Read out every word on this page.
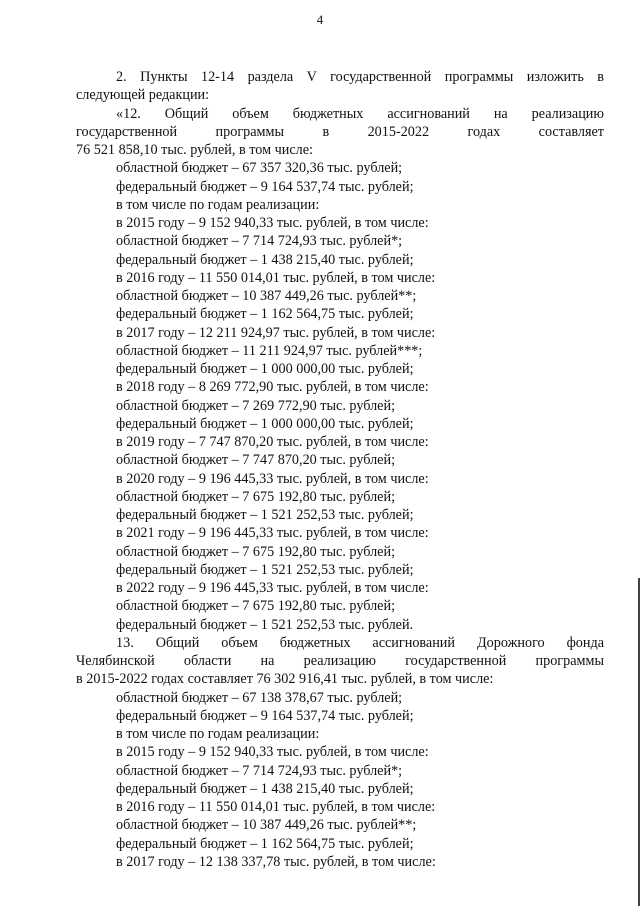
4
2. Пункты 12-14 раздела V государственной программы изложить в
следующей редакции:
«12. Общий объем бюджетных ассигнований на реализацию
государственной программы в 2015-2022 годах составляет
76 521 858,10 тыс. рублей, в том числе:
областной бюджет – 67 357 320,36 тыс. рублей;
федеральный бюджет – 9 164 537,74 тыс. рублей;
в том числе по годам реализации:
в 2015 году – 9 152 940,33 тыс. рублей, в том числе:
областной бюджет – 7 714 724,93 тыс. рублей*;
федеральный бюджет – 1 438 215,40 тыс. рублей;
в 2016 году – 11 550 014,01 тыс. рублей, в том числе:
областной бюджет – 10 387 449,26 тыс. рублей**;
федеральный бюджет – 1 162 564,75 тыс. рублей;
в 2017 году – 12 211 924,97 тыс. рублей, в том числе:
областной бюджет – 11 211 924,97 тыс. рублей***;
федеральный бюджет – 1 000 000,00 тыс. рублей;
в 2018 году – 8 269 772,90 тыс. рублей, в том числе:
областной бюджет – 7 269 772,90 тыс. рублей;
федеральный бюджет – 1 000 000,00 тыс. рублей;
в 2019 году – 7 747 870,20 тыс. рублей, в том числе:
областной бюджет – 7 747 870,20 тыс. рублей;
в 2020 году – 9 196 445,33 тыс. рублей, в том числе:
областной бюджет – 7 675 192,80 тыс. рублей;
федеральный бюджет – 1 521 252,53 тыс. рублей;
в 2021 году – 9 196 445,33 тыс. рублей, в том числе:
областной бюджет – 7 675 192,80 тыс. рублей;
федеральный бюджет – 1 521 252,53 тыс. рублей;
в 2022 году – 9 196 445,33 тыс. рублей, в том числе:
областной бюджет – 7 675 192,80 тыс. рублей;
федеральный бюджет – 1 521 252,53 тыс. рублей.
13. Общий объем бюджетных ассигнований Дорожного фонда
Челябинской области на реализацию государственной программы
в 2015-2022 годах составляет 76 302 916,41 тыс. рублей, в том числе:
областной бюджет – 67 138 378,67 тыс. рублей;
федеральный бюджет – 9 164 537,74 тыс. рублей;
в том числе по годам реализации:
в 2015 году – 9 152 940,33 тыс. рублей, в том числе:
областной бюджет – 7 714 724,93 тыс. рублей*;
федеральный бюджет – 1 438 215,40 тыс. рублей;
в 2016 году – 11 550 014,01 тыс. рублей, в том числе:
областной бюджет – 10 387 449,26 тыс. рублей**;
федеральный бюджет – 1 162 564,75 тыс. рублей;
в 2017 году – 12 138 337,78 тыс. рублей, в том числе:
